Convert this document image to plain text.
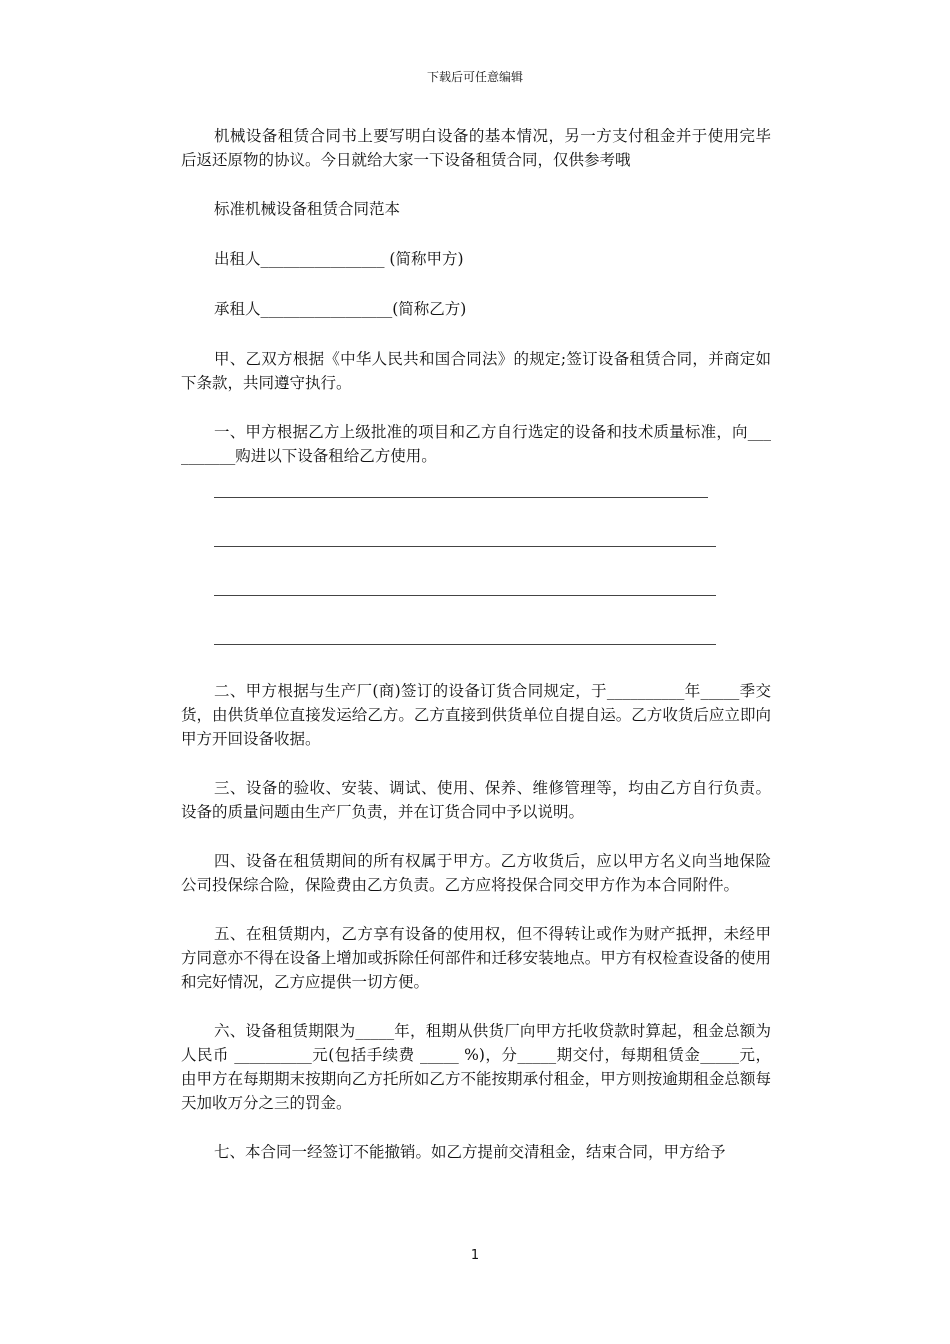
下载后可任意编辑

机械设备租赁合同书上要写明白设备的基本情况，另一方支付租金并于使用完毕后返还原物的协议。今日就给大家一下设备租赁合同，仅供参考哦

标准机械设备租赁合同范本

出租人________________ (简称甲方)

承租人_________________(简称乙方)

甲、乙双方根据《中华人民共和国合同法》的规定;签订设备租赁合同，并商定如下条款，共同遵守执行。

一、甲方根据乙方上级批准的项目和乙方自行选定的设备和技术质量标准，向__________购进以下设备租给乙方使用。

二、甲方根据与生产厂(商)签订的设备订货合同规定，于__________年_____季交货，由供货单位直接发运给乙方。乙方直接到供货单位自提自运。乙方收货后应立即向甲方开回设备收据。

三、设备的验收、安装、调试、使用、保养、维修管理等，均由乙方自行负责。设备的质量问题由生产厂负责，并在订货合同中予以说明。

四、设备在租赁期间的所有权属于甲方。乙方收货后，应以甲方名义向当地保险公司投保综合险，保险费由乙方负责。乙方应将投保合同交甲方作为本合同附件。

五、在租赁期内，乙方享有设备的使用权，但不得转让或作为财产抵押，未经甲方同意亦不得在设备上增加或拆除任何部件和迁移安装地点。甲方有权检查设备的使用和完好情况，乙方应提供一切方便。

六、设备租赁期限为_____年，租期从供货厂向甲方托收贷款时算起，租金总额为人民币 __________元(包括手续费 _____ %)，分_____期交付，每期租赁金_____元，由甲方在每期期末按期向乙方托所如乙方不能按期承付租金，甲方则按逾期租金总额每天加收万分之三的罚金。

七、本合同一经签订不能撤销。如乙方提前交清租金，结束合同，甲方给予

1
